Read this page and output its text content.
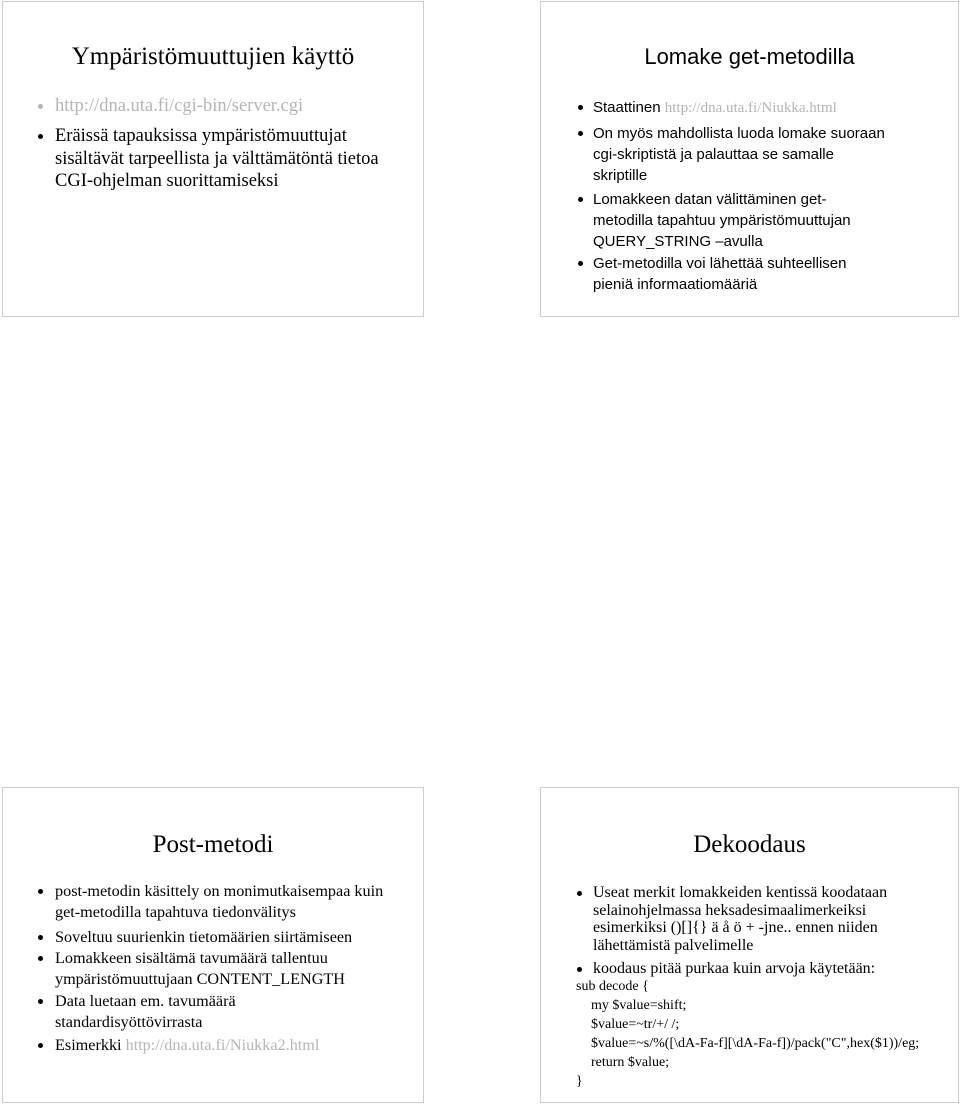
Ympäristömuuttujien käyttö
http://dna.uta.fi/cgi-bin/server.cgi
Eräissä tapauksissa ympäristömuuttujat
sisältävät tarpeellista ja välttämätöntä tietoa
CGI-ohjelman suorittamiseksi
Lomake get-metodilla
Staattinen http://dna.uta.fi/Niukka.html
On myös mahdollista luoda lomake suoraan
cgi-skriptistä ja palauttaa se samalle
skriptille
Lomakkeen datan välittäminen get-
metodilla tapahtuu ympäristömuuttujan
QUERY_STRING –avulla
Get-metodilla voi lähettää suhteellisen
pieniä informaatiomääriä
Post-metodi
post-metodin käsittely on monimutkaisempaa kuin
get-metodilla tapahtuva tiedonvälitys
Soveltuu suurienkin tietomäärien siirtämiseen
Lomakkeen sisältämä tavumäärä tallentuu
ympäristömuuttujaan CONTENT_LENGTH
Data luetaan em. tavumäärä
standardisyöttövirrasta
Esimerkki http://dna.uta.fi/Niukka2.html
Dekoodaus
Useat merkit lomakkeiden kentissä koodataan
selainohjelmassa heksadesimaalimerkeiksi
esimerkiksi ()[]{} ä å ö + -jne.. ennen niiden
lähettämistä palvelimelle
koodaus pitää purkaa kuin arvoja käytetään:
sub decode {
my $value=shift;
$value=~tr/+/ /;
$value=~s/%([\dA-Fa-f][\dA-Fa-f])/pack("C",hex($1))/eg;
return $value;
}
